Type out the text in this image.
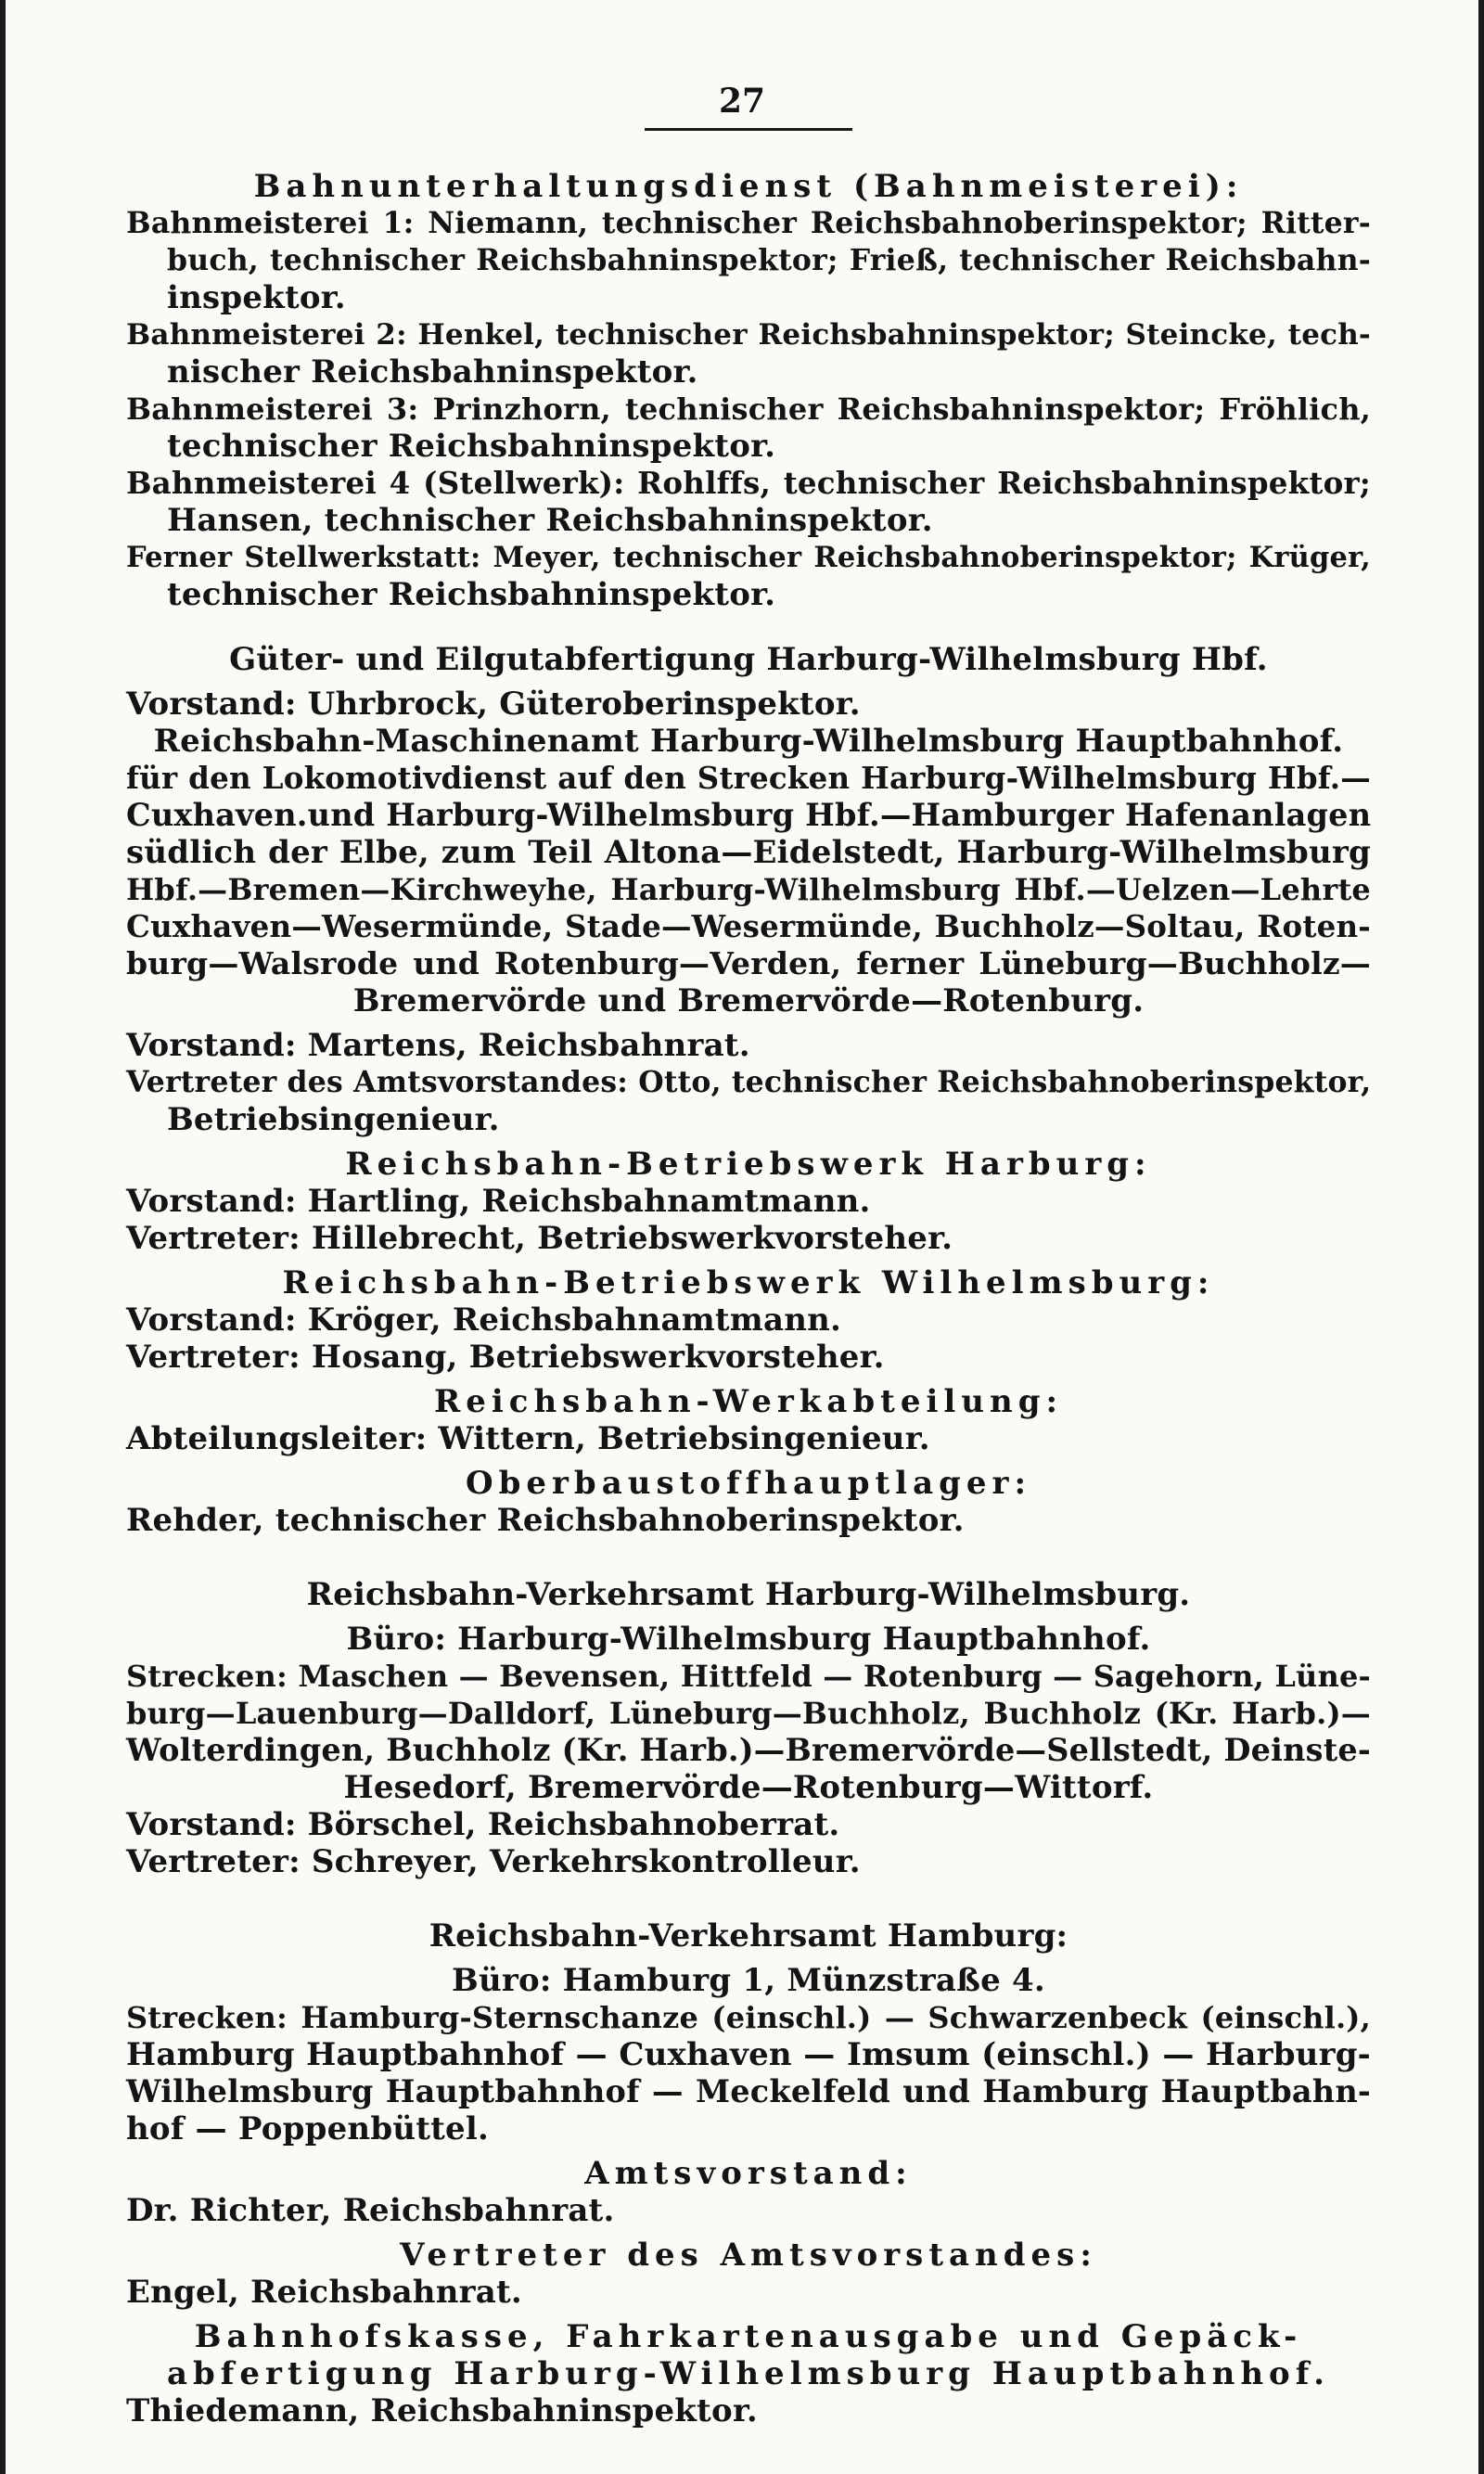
27
Bahnunterhaltungsdienst (Bahnmeisterei):
Bahnmeisterei 1: Niemann, technischer Reichsbahnoberinspektor; Ritter-
buch, technischer Reichsbahninspektor; Frieß, technischer Reichsbahn-
inspektor.
Bahnmeisterei 2: Henkel, technischer Reichsbahninspektor; Steincke, tech-
nischer Reichsbahninspektor.
Bahnmeisterei 3: Prinzhorn, technischer Reichsbahninspektor; Fröhlich,
technischer Reichsbahninspektor.
Bahnmeisterei 4 (Stellwerk): Rohlffs, technischer Reichsbahninspektor;
Hansen, technischer Reichsbahninspektor.
Ferner Stellwerkstatt: Meyer, technischer Reichsbahnoberinspektor; Krüger,
technischer Reichsbahninspektor.
Güter- und Eilgutabfertigung Harburg-Wilhelmsburg Hbf.
Vorstand: Uhrbrock, Güteroberinspektor.
Reichsbahn-Maschinenamt Harburg-Wilhelmsburg Hauptbahnhof.
für den Lokomotivdienst auf den Strecken Harburg-Wilhelmsburg Hbf.—
Cuxhaven.und Harburg-Wilhelmsburg Hbf.—Hamburger Hafenanlagen
südlich der Elbe, zum Teil Altona—Eidelstedt, Harburg-Wilhelmsburg
Hbf.—Bremen—Kirchweyhe, Harburg-Wilhelmsburg Hbf.—Uelzen—Lehrte
Cuxhaven—Wesermünde, Stade—Wesermünde, Buchholz—Soltau, Roten-
burg—Walsrode und Rotenburg—Verden, ferner Lüneburg—Buchholz—
Bremervörde und Bremervörde—Rotenburg.
Vorstand: Martens, Reichsbahnrat.
Vertreter des Amtsvorstandes: Otto, technischer Reichsbahnoberinspektor,
Betriebsingenieur.
Reichsbahn-Betriebswerk Harburg:
Vorstand: Hartling, Reichsbahnamtmann.
Vertreter: Hillebrecht, Betriebswerkvorsteher.
Reichsbahn-Betriebswerk Wilhelmsburg:
Vorstand: Kröger, Reichsbahnamtmann.
Vertreter: Hosang, Betriebswerkvorsteher.
Reichsbahn-Werkabteilung:
Abteilungsleiter: Wittern, Betriebsingenieur.
Oberbaustoffhauptlager:
Rehder, technischer Reichsbahnoberinspektor.
Reichsbahn-Verkehrsamt Harburg-Wilhelmsburg.
Büro: Harburg-Wilhelmsburg Hauptbahnhof.
Strecken: Maschen — Bevensen, Hittfeld — Rotenburg — Sagehorn, Lüne-
burg—Lauenburg—Dalldorf, Lüneburg—Buchholz, Buchholz (Kr. Harb.)—
Wolterdingen, Buchholz (Kr. Harb.)—Bremervörde—Sellstedt, Deinste-
Hesedorf, Bremervörde—Rotenburg—Wittorf.
Vorstand: Börschel, Reichsbahnoberrat.
Vertreter: Schreyer, Verkehrskontrolleur.
Reichsbahn-Verkehrsamt Hamburg:
Büro: Hamburg 1, Münzstraße 4.
Strecken: Hamburg-Sternschanze (einschl.) — Schwarzenbeck (einschl.),
Hamburg Hauptbahnhof — Cuxhaven — Imsum (einschl.) — Harburg-
Wilhelmsburg Hauptbahnhof — Meckelfeld und Hamburg Hauptbahn-
hof — Poppenbüttel.
Amtsvorstand:
Dr. Richter, Reichsbahnrat.
Vertreter des Amtsvorstandes:
Engel, Reichsbahnrat.
Bahnhofskasse, Fahrkartenausgabe und Gepäck-
abfertigung Harburg-Wilhelmsburg Hauptbahnhof.
Thiedemann, Reichsbahninspektor.
